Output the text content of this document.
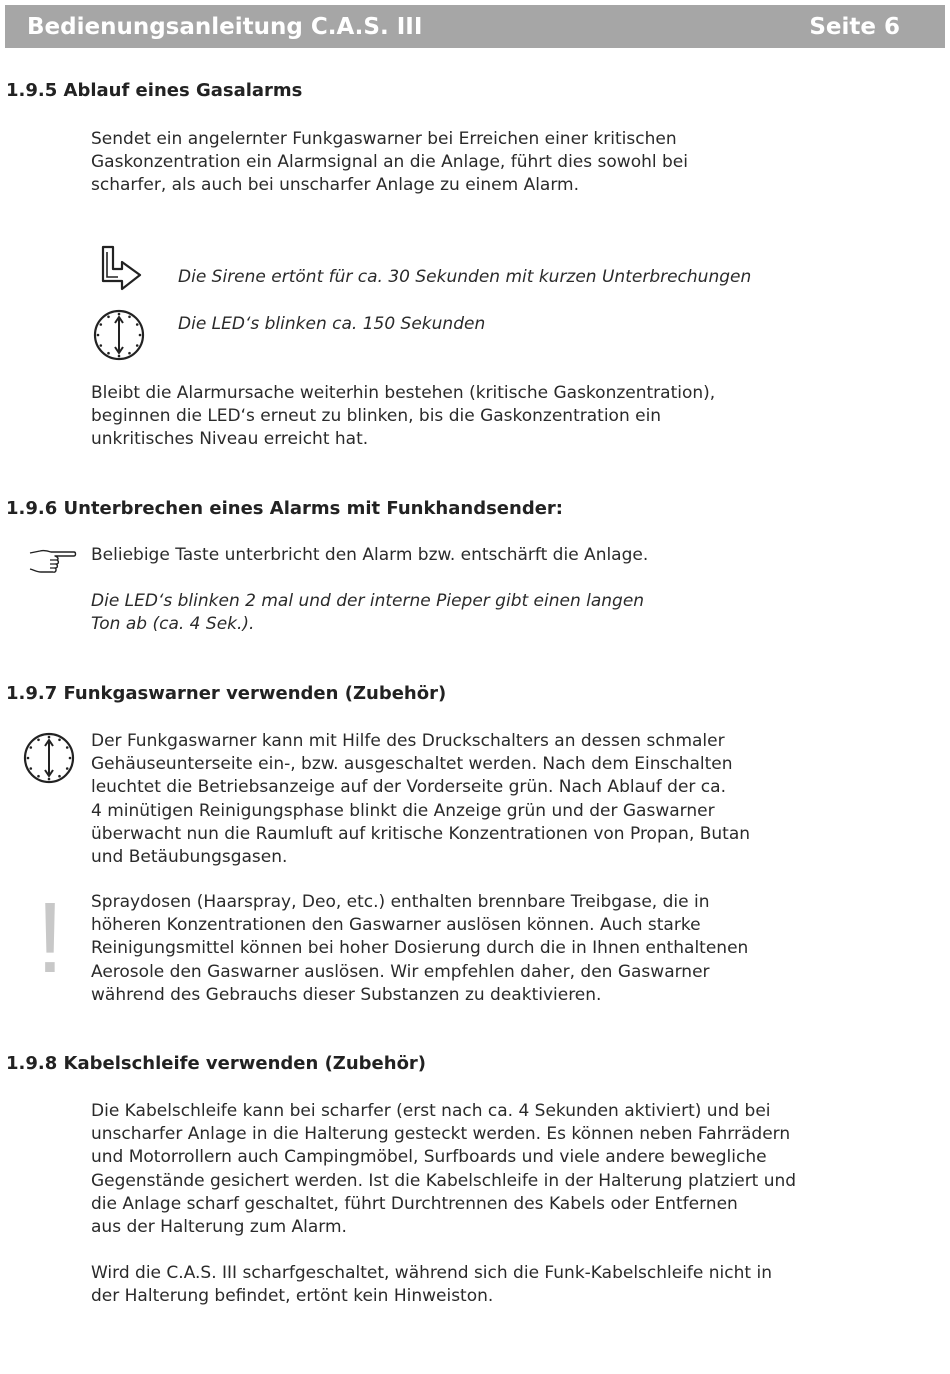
Bedienungsanleitung C.A.S. III	Seite 6
1.9.5 Ablauf eines Gasalarms
Sendet ein angelernter Funkgaswarner bei Erreichen einer kritischen
Gaskonzentration ein Alarmsignal an die Anlage, führt dies sowohl bei
scharfer, als auch bei unscharfer Anlage zu einem Alarm.
Die Sirene ertönt für ca. 30 Sekunden mit kurzen Unterbrechungen
Die LED‘s blinken ca. 150 Sekunden
Bleibt die Alarmursache weiterhin bestehen (kritische Gaskonzentration),
beginnen die LED‘s erneut zu blinken, bis die Gaskonzentration ein
unkritisches Niveau erreicht hat.
1.9.6 Unterbrechen eines Alarms mit Funkhandsender:
Beliebige Taste unterbricht den Alarm bzw. entschärft die Anlage.
Die LED‘s blinken 2 mal und der interne Pieper gibt einen langen
Ton ab (ca. 4 Sek.).
1.9.7 Funkgaswarner verwenden (Zubehör)
Der Funkgaswarner kann mit Hilfe des Druckschalters an dessen schmaler
Gehäuseunterseite ein-, bzw. ausgeschaltet werden. Nach dem Einschalten
leuchtet die Betriebsanzeige auf der Vorderseite grün. Nach Ablauf der ca.
4 minütigen Reinigungsphase blinkt die Anzeige grün und der Gaswarner
überwacht nun die Raumluft auf kritische Konzentrationen von Propan, Butan
und Betäubungsgasen.
!	Spraydosen (Haarspray, Deo, etc.) enthalten brennbare Treibgase, die in
höheren Konzentrationen den Gaswarner auslösen können. Auch starke
Reinigungsmittel können bei hoher Dosierung durch die in Ihnen enthaltenen
Aerosole den Gaswarner auslösen. Wir empfehlen daher, den Gaswarner
während des Gebrauchs dieser Substanzen zu deaktivieren.
1.9.8 Kabelschleife verwenden (Zubehör)
Die Kabelschleife kann bei scharfer (erst nach ca. 4 Sekunden aktiviert) und bei
unscharfer Anlage in die Halterung gesteckt werden. Es können neben Fahrrädern
und Motorrollern auch Campingmöbel, Surfboards und viele andere bewegliche
Gegenstände gesichert werden. Ist die Kabelschleife in der Halterung platziert und
die Anlage scharf geschaltet, führt Durchtrennen des Kabels oder Entfernen
aus der Halterung zum Alarm.
Wird die C.A.S. III scharfgeschaltet, während sich die Funk-Kabelschleife nicht in
der Halterung befindet, ertönt kein Hinweiston.
